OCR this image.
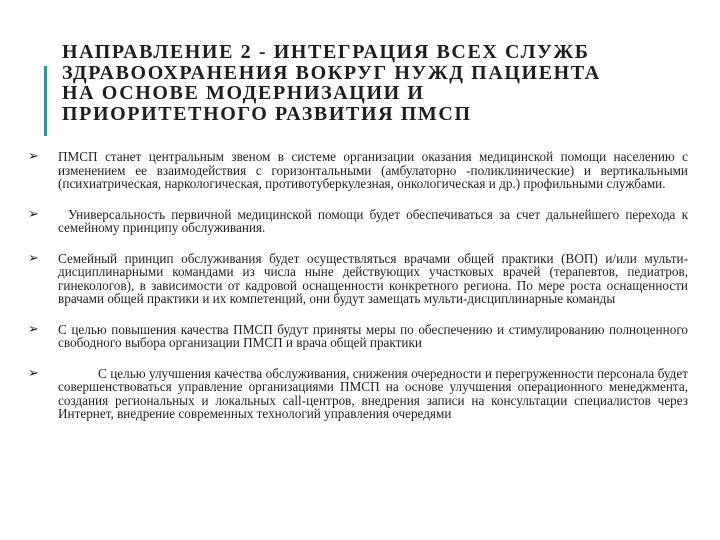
НАПРАВЛЕНИЕ 2 - ИНТЕГРАЦИЯ ВСЕХ СЛУЖБ
ЗДРАВООХРАНЕНИЯ ВОКРУГ НУЖД ПАЦИЕНТА
НА ОСНОВЕ МОДЕРНИЗАЦИИ И
ПРИОРИТЕТНОГО РАЗВИТИЯ ПМСП
➢ ПМСП станет центральным звеном в системе организации оказания медицинской помощи населению с изменением ее взаимодействия с горизонтальными (амбулаторно -поликлинические) и вертикальными (психиатрическая, наркологическая, противотуберкулезная, онкологическая и др.) профильными службами.
➢	Универсальность первичной медицинской помощи будет обеспечиваться за счет дальнейшего перехода к семейному принципу обслуживания.
➢ Семейный принцип обслуживания будет осуществляться врачами общей практики (ВОП) и/или мульти-дисциплинарными командами из числа ныне действующих участковых врачей (терапевтов, педиатров, гинекологов), в зависимости от кадровой оснащенности конкретного региона. По мере роста оснащенности врачами общей практики и их компетенций, они будут замещать мульти-дисциплинарные команды
➢ С целью повышения качества ПМСП будут приняты меры по обеспечению и стимулированию полноценного свободного выбора организации ПМСП и врача общей практики
➢	С целью улучшения качества обслуживания, снижения очередности и перегруженности персонала будет совершенствоваться управление организациями ПМСП на основе улучшения операционного менеджмента, создания региональных и локальных call-центров, внедрения записи на консультации специалистов через Интернет, внедрение современных технологий управления очередями
